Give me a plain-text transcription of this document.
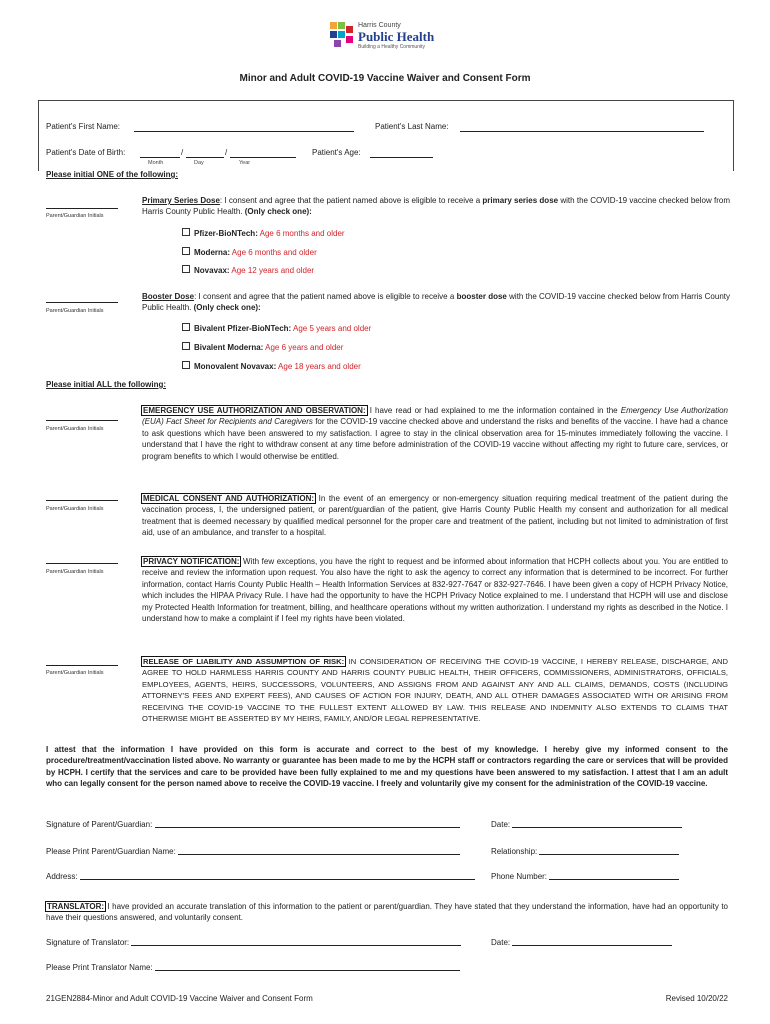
Harris County
Public Health
Building a Healthy Community
Minor and Adult COVID-19 Vaccine Waiver and Consent Form
Patient's First Name:	Patient's Last Name:
Patient's Date of Birth:	/	/
Month	Day	Year
Patient's Age:
Please initial ONE of the following:
Parent/Guardian Initials
Primary Series Dose: I consent and agree that the patient named above is eligible to receive a primary series dose with the COVID-19 vaccine checked below from Harris County Public Health. (Only check one):
Pfizer-BioNTech: Age 6 months and older
Moderna: Age 6 months and older
Novavax: Age 12 years and older
Parent/Guardian Initials
Booster Dose: I consent and agree that the patient named above is eligible to receive a booster dose with the COVID-19 vaccine checked below from Harris County Public Health. (Only check one):
Bivalent Pfizer-BioNTech: Age 5 years and older
Bivalent Moderna: Age 6 years and older
Monovalent Novavax: Age 18 years and older
Please initial ALL the following:
Parent/Guardian Initials
EMERGENCY USE AUTHORIZATION AND OBSERVATION: I have read or had explained to me the information contained in the Emergency Use Authorization (EUA) Fact Sheet for Recipients and Caregivers for the COVID-19 vaccine checked above and understand the risks and benefits of the vaccine. I have had a chance to ask questions which have been answered to my satisfaction. I agree to stay in the clinical observation area for 15-minutes immediately following the vaccine. I understand that I have the right to withdraw consent at any time before administration of the COVID-19 vaccine without affecting my right to future care, services, or program benefits to which I would otherwise be entitled.
Parent/Guardian Initials
MEDICAL CONSENT AND AUTHORIZATION: In the event of an emergency or non-emergency situation requiring medical treatment of the patient during the vaccination process, I, the undersigned patient, or parent/guardian of the patient, give Harris County Public Health my consent and authorization for all medical treatment that is deemed necessary by qualified medical personnel for the proper care and treatment of the patient, including but not limited to administration of first aid, use of an ambulance, and transfer to a hospital.
Parent/Guardian Initials
PRIVACY NOTIFICATION: With few exceptions, you have the right to request and be informed about information that HCPH collects about you. You are entitled to receive and review the information upon request. You also have the right to ask the agency to correct any information that is determined to be incorrect. For further information, contact Harris County Public Health – Health Information Services at 832-927-7647 or 832-927-7646. I have been given a copy of HCPH Privacy Notice, which includes the HIPAA Privacy Rule. I have had the opportunity to have the HCPH Privacy Notice explained to me. I understand that HCPH will use and disclose my Protected Health Information for treatment, billing, and healthcare operations without my written authorization. I understand my rights as described in the Notice. I understand how to make a complaint if I feel my rights have been violated.
Parent/Guardian Initials
RELEASE OF LIABILITY AND ASSUMPTION OF RISK: IN CONSIDERATION OF RECEIVING THE COVID-19 VACCINE, I HEREBY RELEASE, DISCHARGE, AND AGREE TO HOLD HARMLESS HARRIS COUNTY AND HARRIS COUNTY PUBLIC HEALTH, THEIR OFFICERS, COMMISSIONERS, ADMINISTRATORS, OFFICIALS, EMPLOYEES, AGENTS, HEIRS, SUCCESSORS, VOLUNTEERS, AND ASSIGNS FROM AND AGAINST ANY AND ALL CLAIMS, DEMANDS, COSTS (INCLUDING ATTORNEY'S FEES AND EXPERT FEES), AND CAUSES OF ACTION FOR INJURY, DEATH, AND ALL OTHER DAMAGES ASSOCIATED WITH OR ARISING FROM RECEIVING THE COVID-19 VACCINE TO THE FULLEST EXTENT ALLOWED BY LAW. THIS RELEASE AND INDEMNITY ALSO EXTENDS TO CLAIMS THAT OTHERWISE MIGHT BE ASSERTED BY MY HEIRS, FAMILY, AND/OR LEGAL REPRESENTATIVE.
I attest that the information I have provided on this form is accurate and correct to the best of my knowledge. I hereby give my informed consent to the procedure/treatment/vaccination listed above. No warranty or guarantee has been made to me by the HCPH staff or contractors regarding the care or services that will be provided by HCPH. I certify that the services and care to be provided have been fully explained to me and my questions have been answered to my satisfaction. I attest that I am an adult who can legally consent for the person named above to receive the COVID-19 vaccine. I freely and voluntarily give my consent for the administration of the COVID-19 vaccine.
Signature of Parent/Guardian:	Date:
Please Print Parent/Guardian Name:	Relationship:
Address:	Phone Number:
TRANSLATOR: I have provided an accurate translation of this information to the patient or parent/guardian. They have stated that they understand the information, have had an opportunity to have their questions answered, and voluntarily consent.
Signature of Translator:	Date:
Please Print Translator Name:
21GEN2884-Minor and Adult COVID-19 Vaccine Waiver and Consent Form	Revised 10/20/22
